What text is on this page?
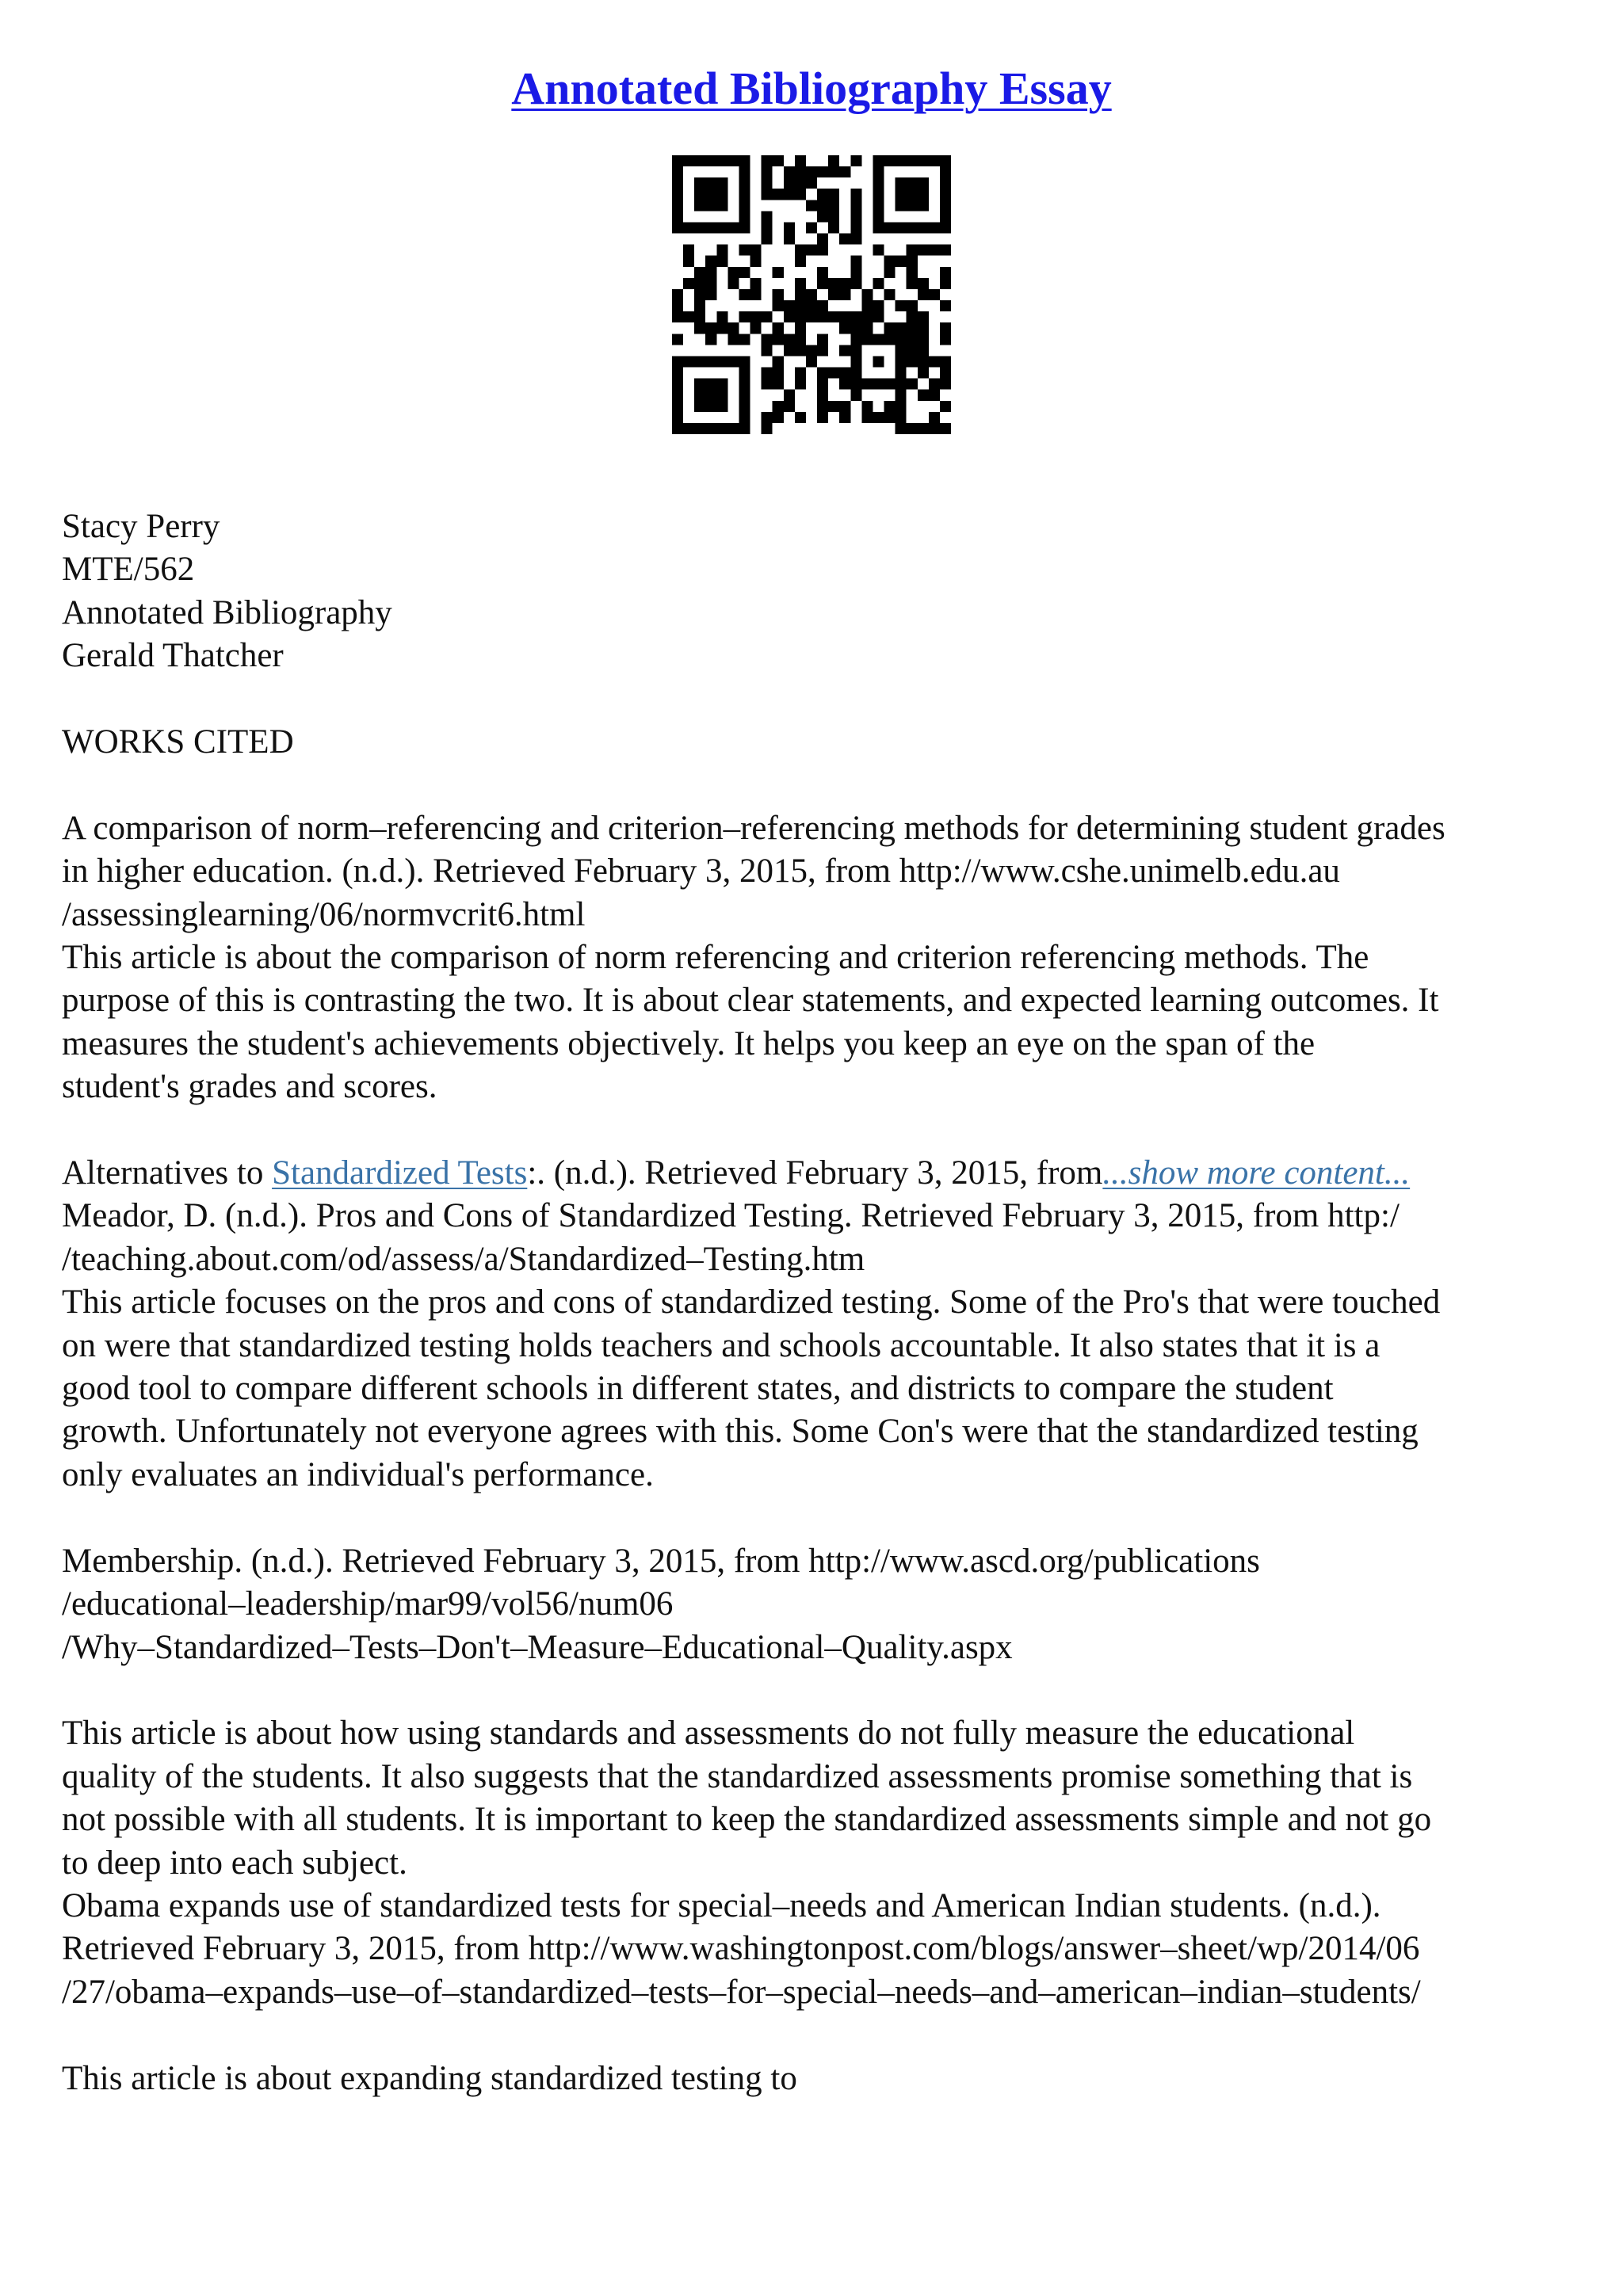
Annotated Bibliography Essay
Stacy Perry
MTE/562
Annotated Bibliography
Gerald Thatcher
WORKS CITED
A comparison of norm–referencing and criterion–referencing methods for determining student grades
in higher education. (n.d.). Retrieved February 3, 2015, from http://www.cshe.unimelb.edu.au
/assessinglearning/06/normvcrit6.html
This article is about the comparison of norm referencing and criterion referencing methods. The
purpose of this is contrasting the two. It is about clear statements, and expected learning outcomes. It
measures the student's achievements objectively. It helps you keep an eye on the span of the
student's grades and scores.
Alternatives to Standardized Tests:. (n.d.). Retrieved February 3, 2015, from...show more content...
Meador, D. (n.d.). Pros and Cons of Standardized Testing. Retrieved February 3, 2015, from http:/
/teaching.about.com/od/assess/a/Standardized–Testing.htm
This article focuses on the pros and cons of standardized testing. Some of the Pro's that were touched
on were that standardized testing holds teachers and schools accountable. It also states that it is a
good tool to compare different schools in different states, and districts to compare the student
growth. Unfortunately not everyone agrees with this. Some Con's were that the standardized testing
only evaluates an individual's performance.
Membership. (n.d.). Retrieved February 3, 2015, from http://www.ascd.org/publications
/educational–leadership/mar99/vol56/num06
/Why–Standardized–Tests–Don't–Measure–Educational–Quality.aspx
This article is about how using standards and assessments do not fully measure the educational
quality of the students. It also suggests that the standardized assessments promise something that is
not possible with all students. It is important to keep the standardized assessments simple and not go
to deep into each subject.
Obama expands use of standardized tests for special–needs and American Indian students. (n.d.).
Retrieved February 3, 2015, from http://www.washingtonpost.com/blogs/answer–sheet/wp/2014/06
/27/obama–expands–use–of–standardized–tests–for–special–needs–and–american–indian–students/
This article is about expanding standardized testing to
